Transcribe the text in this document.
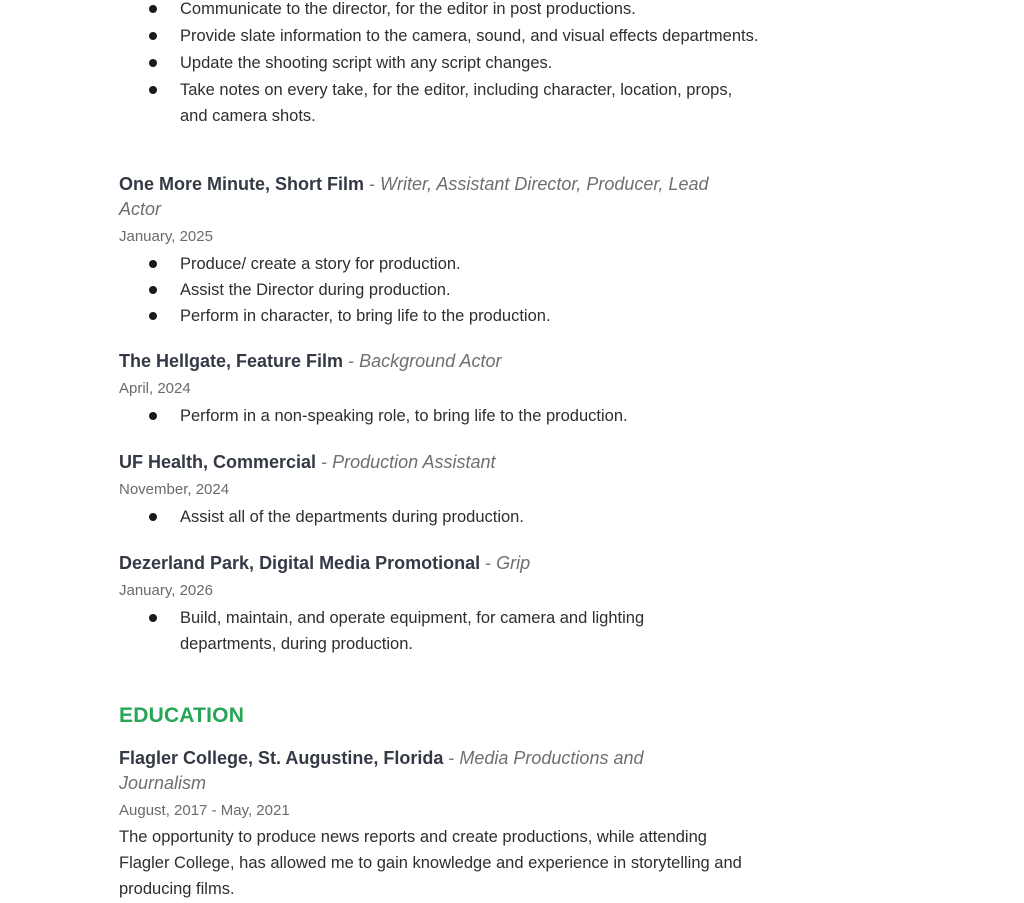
Communicate to the director, for the editor in post productions.
Provide slate information to the camera, sound, and visual effects departments.
Update the shooting script with any script changes.
Take notes on every take, for the editor, including character, location, props, and camera shots.
One More Minute, Short Film - Writer, Assistant Director, Producer, Lead Actor
January, 2025
Produce/ create a story for production.
Assist the Director during production.
Perform in character, to bring life to the production.
The Hellgate, Feature Film - Background Actor
April, 2024
Perform in a non-speaking role, to bring life to the production.
UF Health, Commercial - Production Assistant
November, 2024
Assist all of the departments during production.
Dezerland Park, Digital Media Promotional - Grip
January, 2026
Build, maintain, and operate equipment, for camera and lighting departments, during production.
EDUCATION
Flagler College, St. Augustine, Florida - Media Productions and Journalism
August, 2017 - May, 2021
The opportunity to produce news reports and create productions, while attending Flagler College, has allowed me to gain knowledge and experience in storytelling and producing films.
